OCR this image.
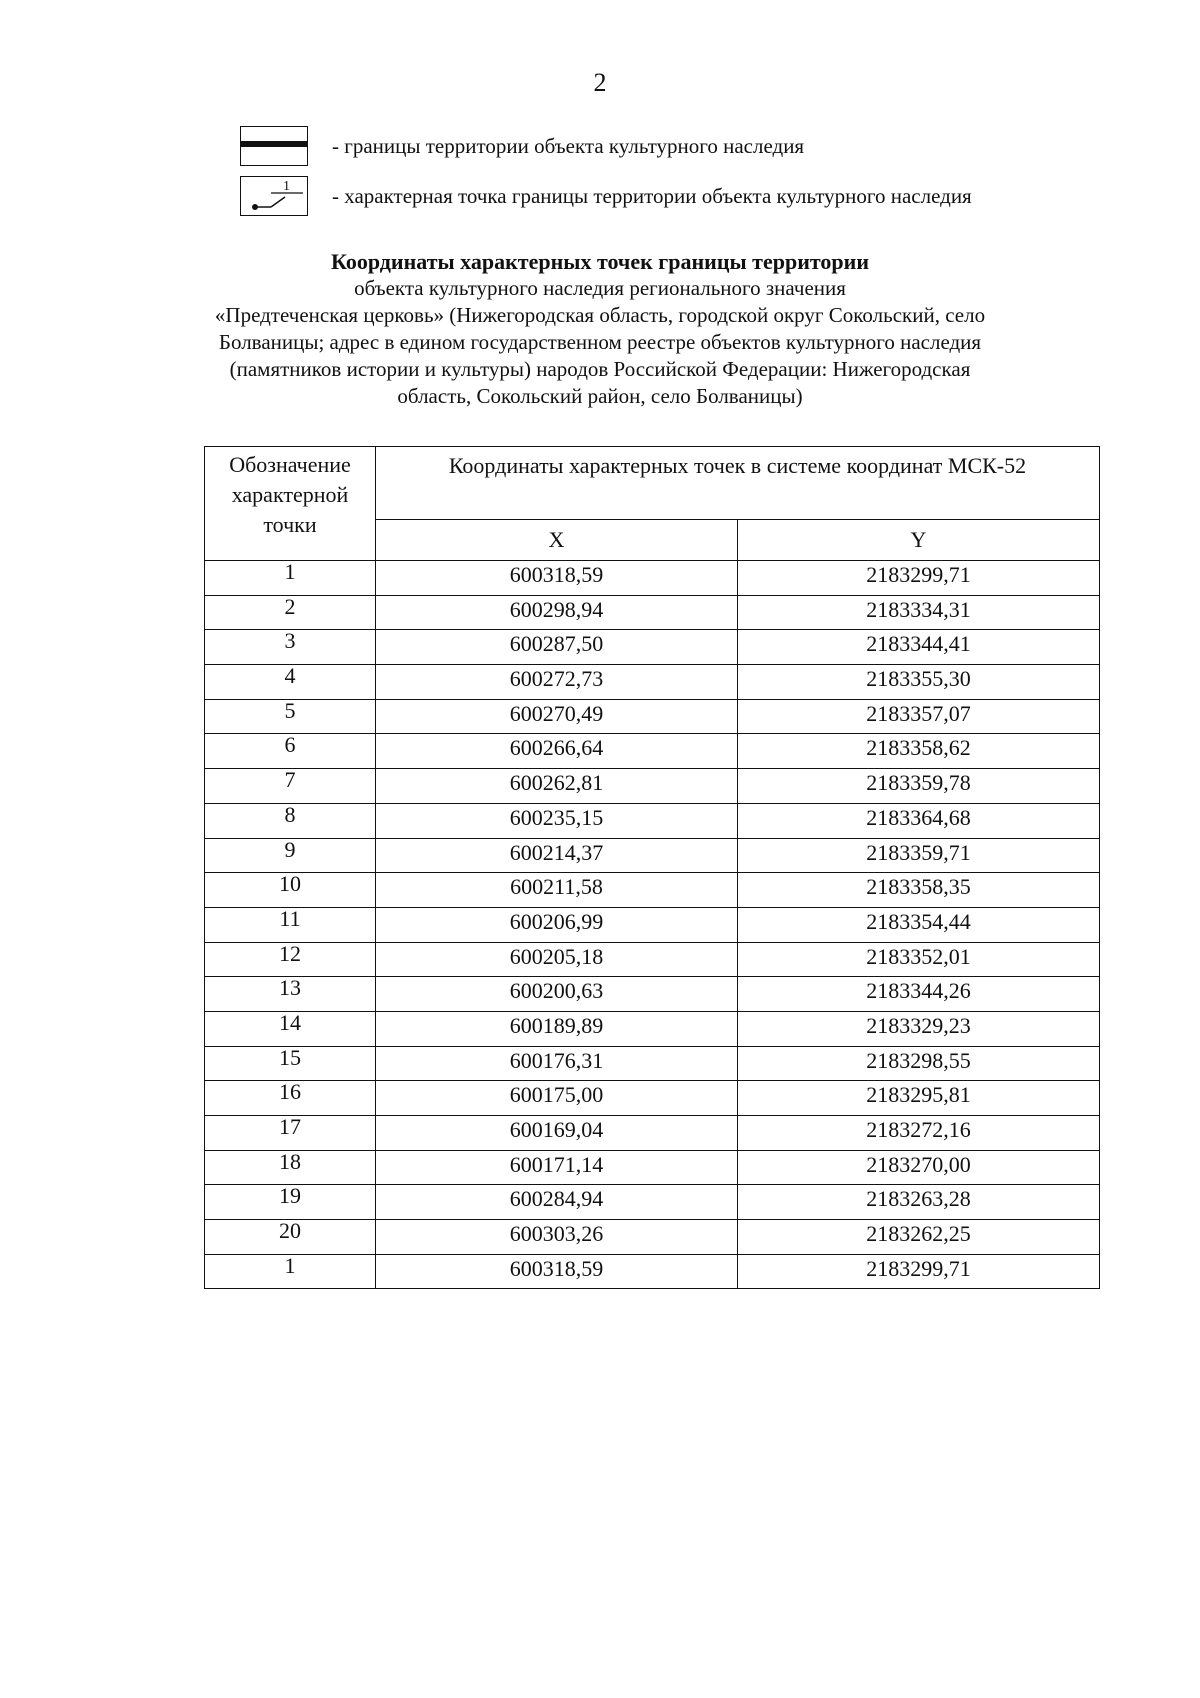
2
- границы территории объекта культурного наследия
1 - характерная точка границы территории объекта культурного наследия
Координаты характерных точек границы территории
объекта культурного наследия регионального значения
«Предтеченская церковь» (Нижегородская область, городской округ Сокольский, село
Болваницы; адрес в едином государственном реестре объектов культурного наследия
(памятников истории и культуры) народов Российской Федерации: Нижегородская
область, Сокольский район, село Болваницы)
Обозначение характерной точки	Координаты характерных точек в системе координат МСК-52	
	X	Y
1	600318,59	2183299,71
2	600298,94	2183334,31
3	600287,50	2183344,41
4	600272,73	2183355,30
5	600270,49	2183357,07
6	600266,64	2183358,62
7	600262,81	2183359,78
8	600235,15	2183364,68
9	600214,37	2183359,71
10	600211,58	2183358,35
11	600206,99	2183354,44
12	600205,18	2183352,01
13	600200,63	2183344,26
14	600189,89	2183329,23
15	600176,31	2183298,55
16	600175,00	2183295,81
17	600169,04	2183272,16
18	600171,14	2183270,00
19	600284,94	2183263,28
20	600303,26	2183262,25
1	600318,59	2183299,71
